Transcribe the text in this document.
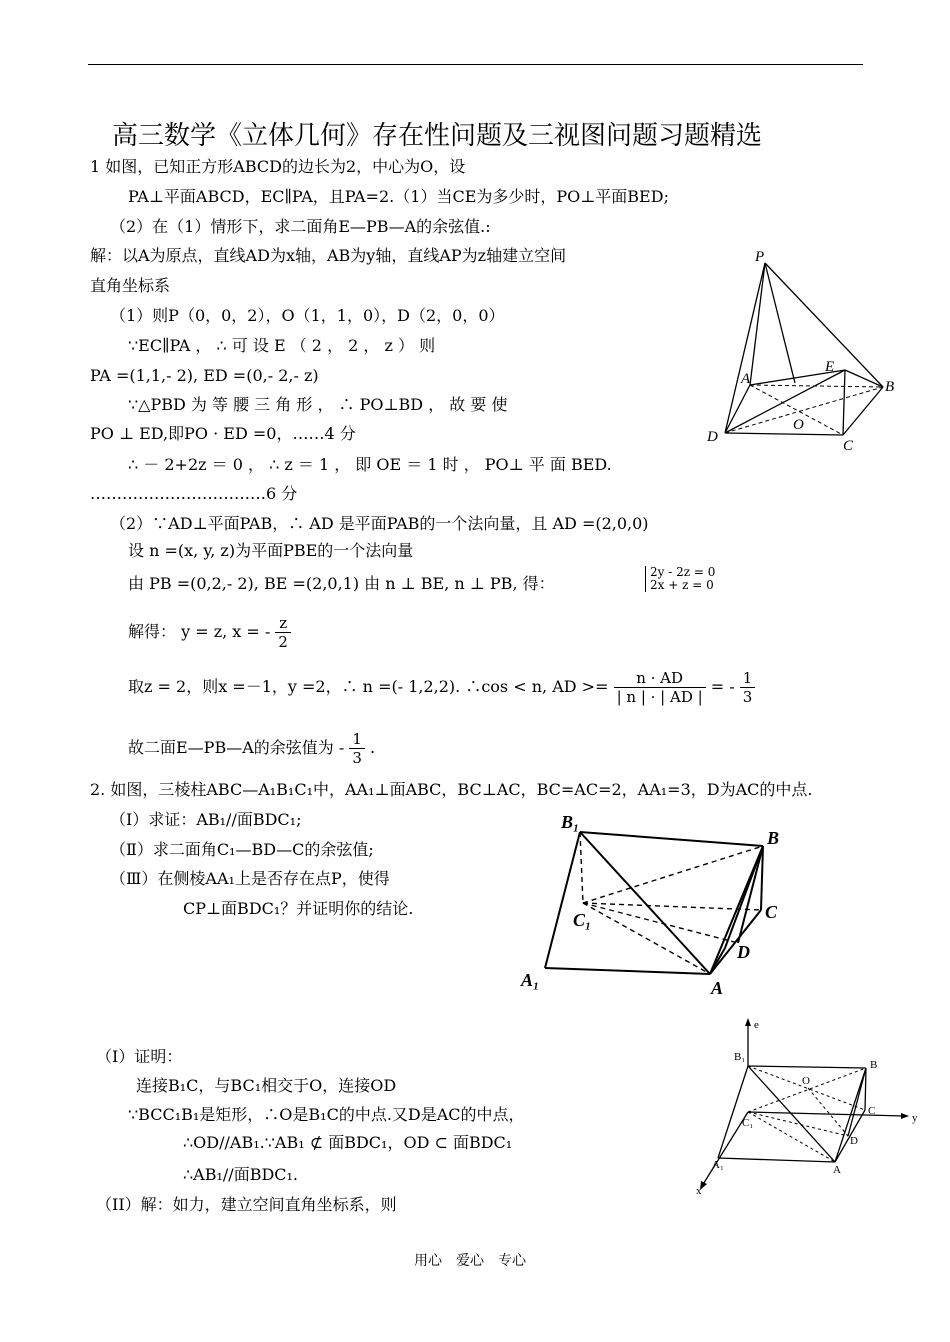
高三数学《立体几何》存在性问题及三视图问题习题精选
1 如图，已知正方形ABCD的边长为2，中心为O，设
PA⊥平面ABCD，EC∥PA，且PA=2.（1）当CE为多少时，PO⊥平面BED;
（2）在（1）情形下，求二面角E—PB—A的余弦值.:
解：以A为原点，直线AD为x轴，AB为y轴，直线AP为z轴建立空间
直角坐标系
（1）则P（0，0，2），O（1，1，0），D（2，0，0）
∵EC∥PA ， ∴ 可 设 E （ 2 ， 2 ， z ） 则
PA =(1,1,- 2), ED =(0,- 2,- z)
∵△PBD 为 等 腰 三 角 形 ， ∴ PO⊥BD ， 故 要 使
PO ⊥ ED,即PO · ED =0，……4 分
∴ － 2+2z ＝ 0 ， ∴ z ＝ 1 ， 即 OE ＝ 1 时 ， PO⊥ 平 面 BED.
……………………………6 分
（2）∵AD⊥平面PAB，∴ AD 是平面PAB的一个法向量，且 AD =(2,0,0)
设 n =(x, y, z)为平面PBE的一个法向量
由 PB =(0,2,- 2), BE =(2,0,1) 由 n ⊥ BE, n ⊥ PB, 得：
2y - 2z = 0
2x + z = 0
解得： y = z, x = - $\frac{z}{2}$
取z = 2，则x =－1，y =2，∴ n =(- 1,2,2). ∴cos < n, AD >= $\frac{n \cdot AD}{| n | \cdot | AD |}$ = - $\frac{1}{3}$
故二面E—PB—A的余弦值为 - $\frac{1}{3}$ .
2. 如图，三棱柱ABC—A₁B₁C₁中，AA₁⊥面ABC，BC⊥AC，BC=AC=2，AA₁=3，D为AC的中点.
（Ⅰ）求证：AB₁//面BDC₁;
（Ⅱ）求二面角C₁—BD—C的余弦值;
（Ⅲ）在侧棱AA₁上是否存在点P，使得
CP⊥面BDC₁？并证明你的结论.
（I）证明：
连接B₁C，与BC₁相交于O，连接OD
∵BCC₁B₁是矩形，∴O是B₁C的中点.又D是AC的中点，
∴OD//AB₁.∵AB₁ ⊄ 面BDC₁，OD ⊂ 面BDC₁
∴AB₁//面BDC₁.
（II）解：如力，建立空间直角坐标系，则
P
A	B
C
D
E
O
B₁
B
C₁	C
D
A₁	A
e
B₁
B
O
C
C₁
D
A₁	A
x
y
用心　爱心　专心
